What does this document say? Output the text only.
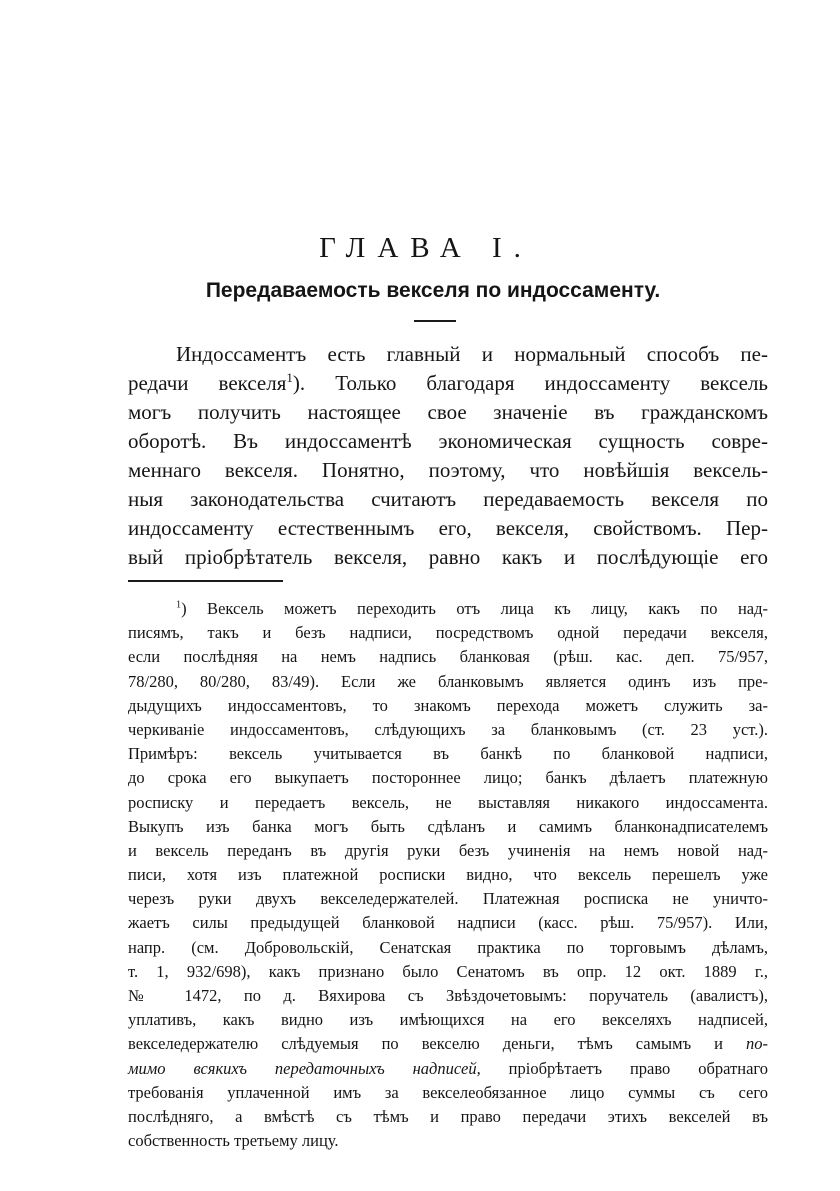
ГЛАВА I.
Передаваемость векселя по индоссаменту.
Индоссаментъ есть главный и нормальный способъ пе-
редачи векселя$^1$). Только благодаря индоссаменту вексель
могъ получить настоящее свое значенiе въ гражданскомъ
оборотѣ. Въ индоссаментѣ экономическая сущность совре-
меннаго векселя. Понятно, поэтому, что новѣйшiя вексель-
ныя законодательства считаютъ передаваемость векселя по
индоссаменту естественнымъ его, векселя, свойствомъ. Пер-
вый прiобрѣтатель векселя, равно какъ и послѣдующiе его
$^1$) Вексель можетъ переходить отъ лица къ лицу, какъ по над-
писямъ, такъ и безъ надписи, посредствомъ одной передачи векселя,
если послѣдняя на немъ надпись бланковая (рѣш. кас. деп. 75/957,
78/280, 80/280, 83/49). Если же бланковымъ является одинъ изъ пре-
дыдущихъ индоссаментовъ, то знакомъ перехода можетъ служить за-
черкиванiе индоссаментовъ, слѣдующихъ за бланковымъ (ст. 23 уст.).
Примѣръ: вексель учитывается въ банкѣ по бланковой надписи,
до срока его выкупаетъ постороннее лицо; банкъ дѣлаетъ платежную
росписку и передаетъ вексель, не выставляя никакого индоссамента.
Выкупъ изъ банка могъ быть сдѣланъ и самимъ бланконадписателемъ
и вексель переданъ въ другiя руки безъ учиненiя на немъ новой над-
писи, хотя изъ платежной росписки видно, что вексель перешелъ уже
черезъ руки двухъ векселедержателей. Платежная росписка не уничто-
жаетъ силы предыдущей бланковой надписи (касс. рѣш. 75/957). Или,
напр. (см. Добровольскiй, Сенатская практика по торговымъ дѣламъ,
т. 1, 932/698), какъ признано было Сенатомъ въ опр. 12 окт. 1889 г.,
№ 1472, по д. Вяхирова съ Звѣздочетовымъ: поручатель (авалистъ),
уплативъ, какъ видно изъ имѣющихся на его векселяхъ надписей,
векселедержателю слѣдуемыя по векселю деньги, тѣмъ самымъ и по-
мимо всякихъ передаточныхъ надписей, прiобрѣтаетъ право обратнаго
требованiя уплаченной имъ за векселеобязанное лицо суммы съ сего
послѣдняго, а вмѣстѣ съ тѣмъ и право передачи этихъ векселей въ
собственность третьему лицу.
